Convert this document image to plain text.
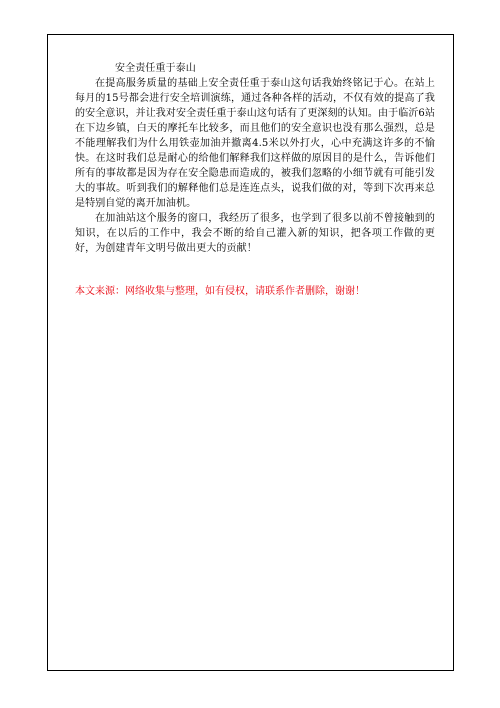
安全责任重于泰山

在提高服务质量的基础上安全责任重于泰山这句话我始终铭记于心。在站上每月的15号都会进行安全培训演练，通过各种各样的活动，不仅有效的提高了我的安全意识，并让我对安全责任重于泰山这句话有了更深刻的认知。由于临沂6站在下边乡镇，白天的摩托车比较多，而且他们的安全意识也没有那么强烈，总是不能理解我们为什么用铁壶加油并撤离4.5米以外打火，心中充满这许多的不愉快。在这时我们总是耐心的给他们解释我们这样做的原因目的是什么，告诉他们所有的事故都是因为存在安全隐患而造成的，被我们忽略的小细节就有可能引发大的事故。听到我们的解释他们总是连连点头，说我们做的对，等到下次再来总是特别自觉的离开加油机。

在加油站这个服务的窗口，我经历了很多，也学到了很多以前不曾接触到的知识，在以后的工作中，我会不断的给自己灌入新的知识，把各项工作做的更好，为创建青年文明号做出更大的贡献！

本文来源：网络收集与整理，如有侵权，请联系作者删除，谢谢！
